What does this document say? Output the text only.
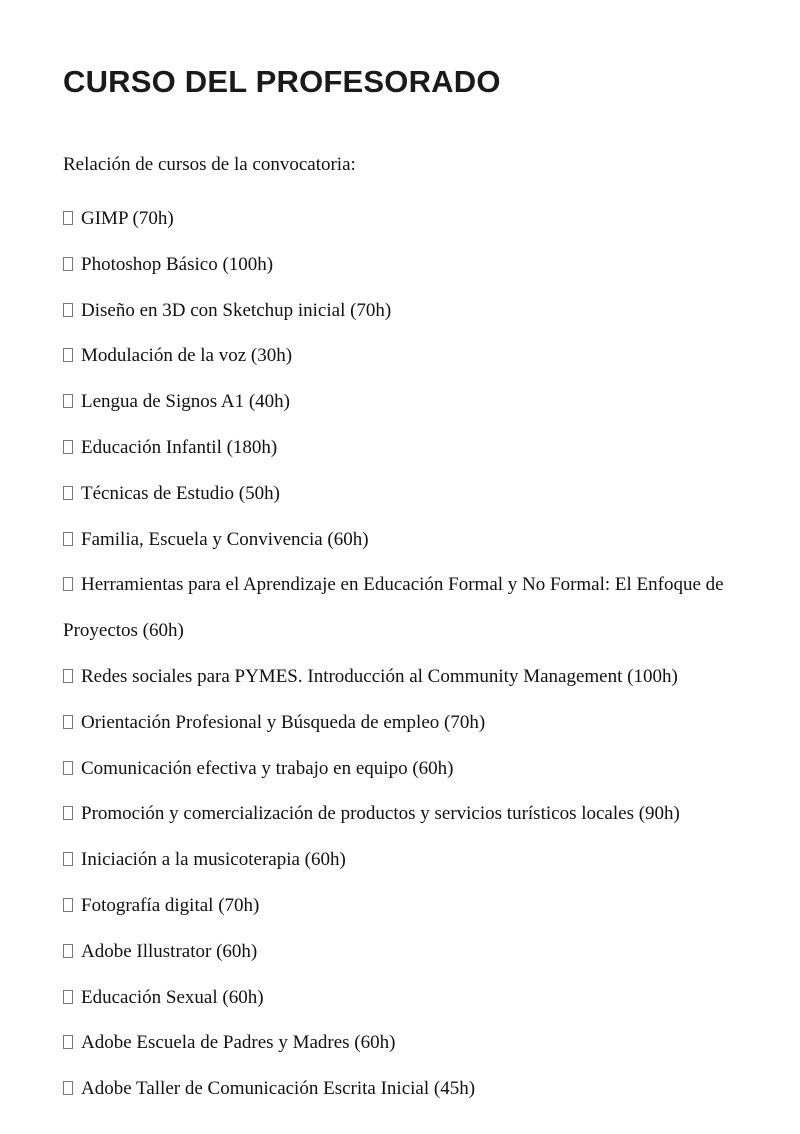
CURSO DEL PROFESORADO

Relación de cursos de la convocatoria:

GIMP (70h)
Photoshop Básico (100h)
Diseño en 3D con Sketchup inicial (70h)
Modulación de la voz (30h)
Lengua de Signos A1 (40h)
Educación Infantil (180h)
Técnicas de Estudio (50h)
Familia, Escuela y Convivencia (60h)
Herramientas para el Aprendizaje en Educación Formal y No Formal: El Enfoque de Proyectos (60h)
Redes sociales para PYMES. Introducción al Community Management (100h)
Orientación Profesional y Búsqueda de empleo (70h)
Comunicación efectiva y trabajo en equipo (60h)
Promoción y comercialización de productos y servicios turísticos locales (90h)
Iniciación a la musicoterapia (60h)
Fotografía digital (70h)
Adobe Illustrator (60h)
Educación Sexual (60h)
Adobe Escuela de Padres y Madres (60h)
Adobe Taller de Comunicación Escrita Inicial (45h)
